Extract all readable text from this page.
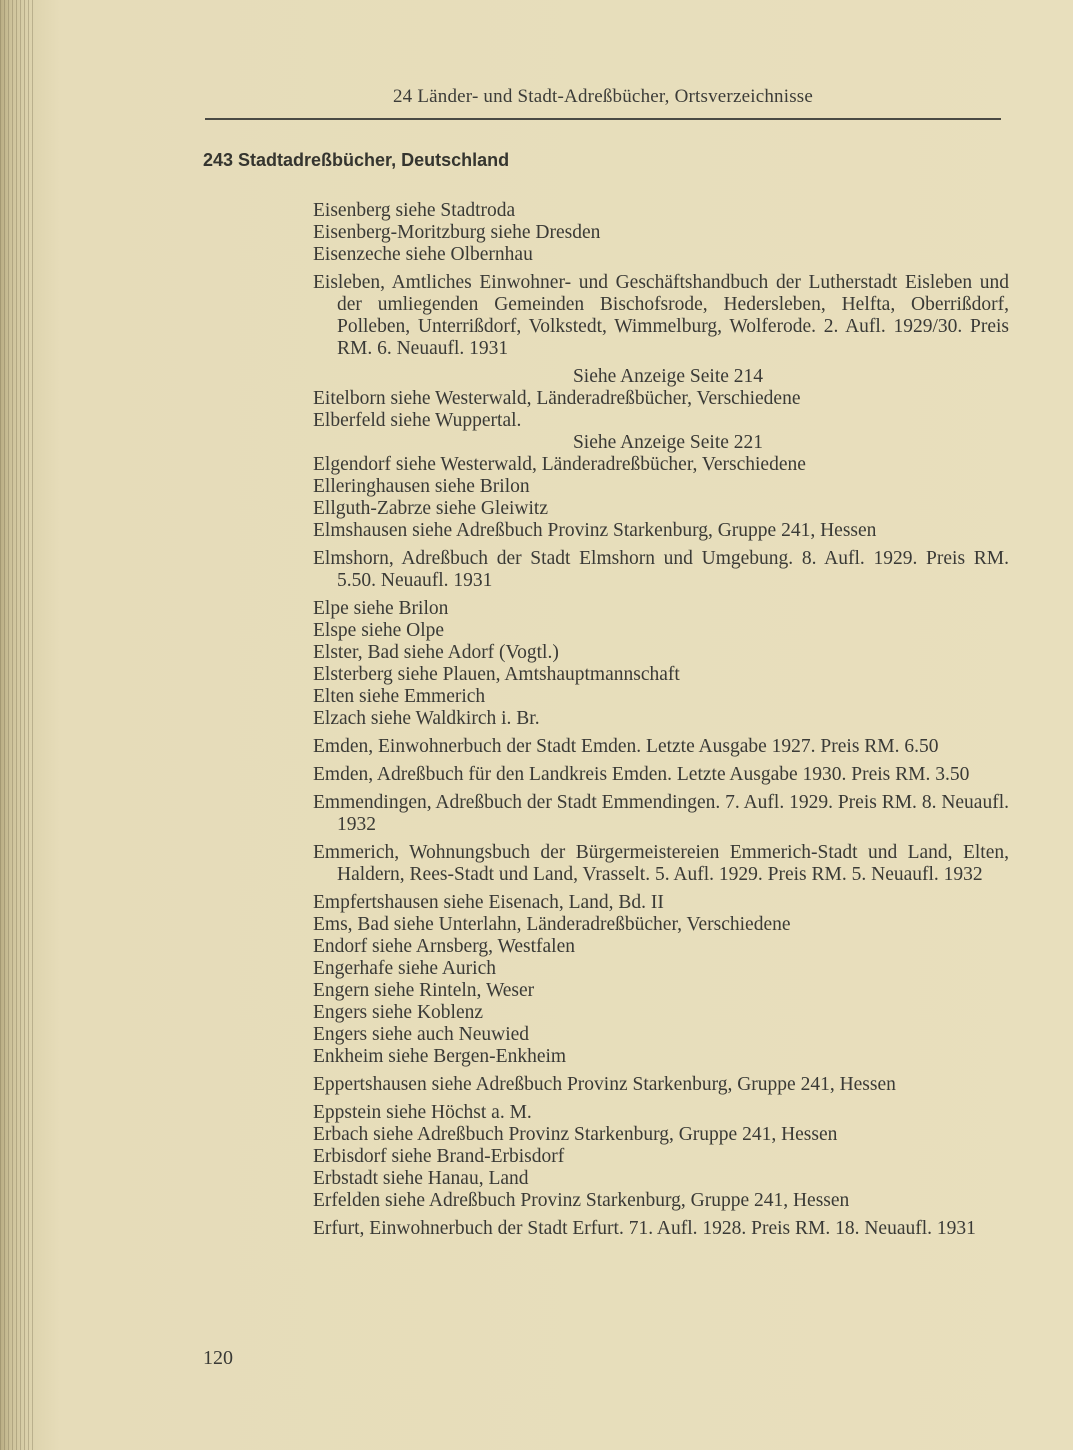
24 Länder- und Stadt-Adreßbücher, Ortsverzeichnisse
243 Stadtadreßbücher, Deutschland
Eisenberg siehe Stadtroda
Eisenberg-Moritzburg siehe Dresden
Eisenzeche siehe Olbernhau
Eisleben, Amtliches Einwohner- und Geschäftshandbuch der Lutherstadt Eisleben und der umliegenden Gemeinden Bischofsrode, Hedersleben, Helfta, Oberrißdorf, Polleben, Unterrißdorf, Volkstedt, Wimmelburg, Wolferode. 2. Aufl. 1929/30. Preis RM. 6. Neuaufl. 1931
Siehe Anzeige Seite 214
Eitelborn siehe Westerwald, Länderadreßbücher, Verschiedene
Elberfeld siehe Wuppertal.
Siehe Anzeige Seite 221
Elgendorf siehe Westerwald, Länderadreßbücher, Verschiedene
Elleringhausen siehe Brilon
Ellguth-Zabrze siehe Gleiwitz
Elmshausen siehe Adreßbuch Provinz Starkenburg, Gruppe 241, Hessen
Elmshorn, Adreßbuch der Stadt Elmshorn und Umgebung. 8. Aufl. 1929. Preis RM. 5.50. Neuaufl. 1931
Elpe siehe Brilon
Elspe siehe Olpe
Elster, Bad siehe Adorf (Vogtl.)
Elsterberg siehe Plauen, Amtshauptmannschaft
Elten siehe Emmerich
Elzach siehe Waldkirch i. Br.
Emden, Einwohnerbuch der Stadt Emden. Letzte Ausgabe 1927. Preis RM. 6.50
Emden, Adreßbuch für den Landkreis Emden. Letzte Ausgabe 1930. Preis RM. 3.50
Emmendingen, Adreßbuch der Stadt Emmendingen. 7. Aufl. 1929. Preis RM. 8. Neuaufl. 1932
Emmerich, Wohnungsbuch der Bürgermeistereien Emmerich-Stadt und Land, Elten, Haldern, Rees-Stadt und Land, Vrasselt. 5. Aufl. 1929. Preis RM. 5. Neuaufl. 1932
Empfertshausen siehe Eisenach, Land, Bd. II
Ems, Bad siehe Unterlahn, Länderadreßbücher, Verschiedene
Endorf siehe Arnsberg, Westfalen
Engerhafe siehe Aurich
Engern siehe Rinteln, Weser
Engers siehe Koblenz
Engers siehe auch Neuwied
Enkheim siehe Bergen-Enkheim
Eppertshausen siehe Adreßbuch Provinz Starkenburg, Gruppe 241, Hessen
Eppstein siehe Höchst a. M.
Erbach siehe Adreßbuch Provinz Starkenburg, Gruppe 241, Hessen
Erbisdorf siehe Brand-Erbisdorf
Erbstadt siehe Hanau, Land
Erfelden siehe Adreßbuch Provinz Starkenburg, Gruppe 241, Hessen
Erfurt, Einwohnerbuch der Stadt Erfurt. 71. Aufl. 1928. Preis RM. 18. Neuaufl. 1931
120
